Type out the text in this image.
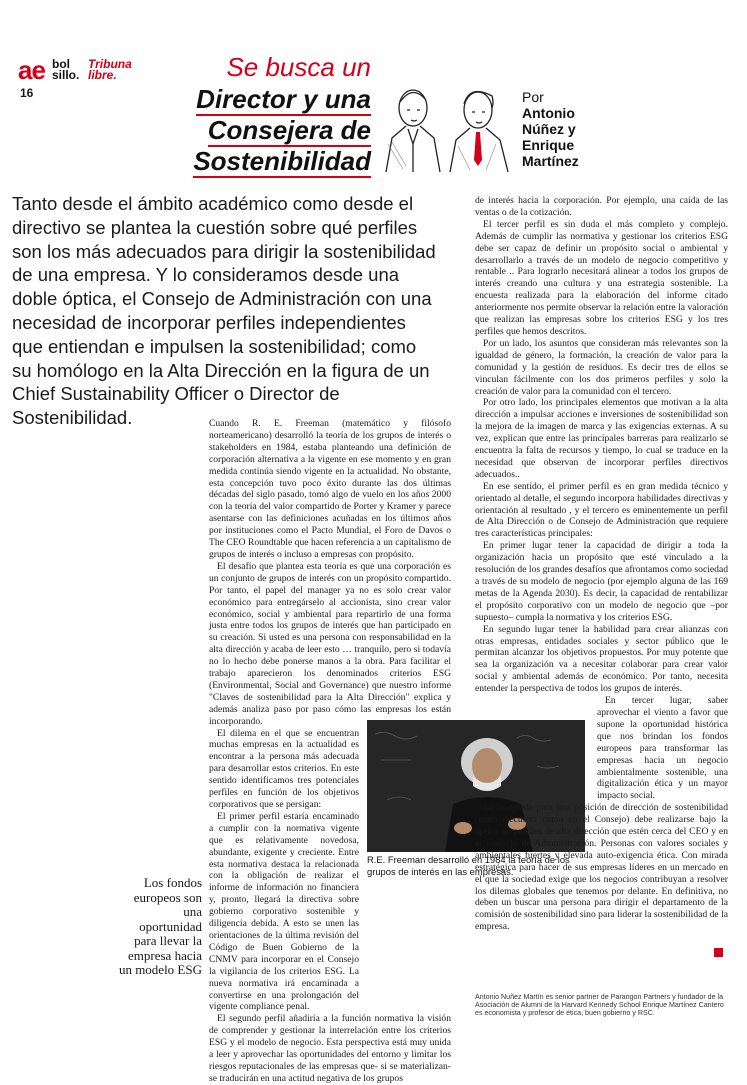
ae bol sillo.
Tribuna libre.
16
Se busca un
Director y una
Consejera de
Sostenibilidad
Por
Antonio
Núñez y
Enrique
Martínez
Tanto desde el ámbito académico como desde el directivo se plantea la cuestión sobre qué perfiles son los más adecuados para dirigir la sostenibilidad de una empresa. Y lo consideramos desde una doble óptica, el Consejo de Administración con una necesidad de incorporar perfiles independientes que entiendan e impulsen la sostenibilidad; como su homólogo en la Alta Dirección en la figura de un Chief Sustainability Officer o Director de Sostenibilidad.	Cuando R. E. Freeman (matemático y filósofo norteamericano) desarrolló la teoría de los grupos de interés o stakeholders en 1984, estaba planteando una definición de corporación alternativa a la vigente en ese momento y en gran medida continúa siendo vigente en la actualidad. No obstante, esta concepción tuvo poco éxito durante las dos últimas décadas del siglo pasado, tomó algo de vuelo en los años 2000 con la teoría del valor compartido de Porter y Kramer y parece asentarse con las definiciones acuñadas en los últimos años por instituciones como el Pacto Mundial, el Foro de Davos o The CEO Roundtable que hacen referencia a un capitalismo de grupos de interés o incluso a empresas con propósito.

El desafío que plantea esta teoría es que una corporación es un conjunto de grupos de interés con un propósito compartido. Por tanto, el papel del manager ya no es solo crear valor económico para entregárselo al accionista, sino crear valor económico, social y ambiental para repartirlo de una forma justa entre todos los grupos de interés que han participado en su creación. Si usted es una persona con responsabilidad en la alta dirección y acaba de leer esto … tranquilo, pero si todavía no lo hecho debe ponerse manos a la obra. Para facilitar el trabajo aparecieron los denominados criterios ESG (Environmental, Social and Governance) que nuestro informe "Claves de sostenibilidad para la Alta Dirección" explica y además analiza paso por paso cómo las empresas los están incorporando.

El dilema en el que se encuentran muchas empresas en la actualidad es encontrar a la persona más adecuada para desarrollar estos criterios. En este sentido identificamos tres potenciales perfiles en función de los objetivos corporativos que se persigan:

El primer perfil estaría encaminado a cumplir con la normativa vigente que es relativamente novedosa, abundante, exigente y creciente. Entre esta normativa destaca la relacionada con la obligación de realizar el informe de información no financiera y, pronto, llegará la directiva sobre gobierno corporativo sostenible y diligencia debida. A esto se unen las orientaciones de la última revisión del Código de Buen Gobierno de la CNMV para incorporar en el Consejo la vigilancia de los criterios ESG. La nueva normativa irá encaminada a convertirse en una prolongación del vigente compliance penal.

El segundo perfil añadiría a la función normativa la visión de comprender y gestionar la interrelación entre los criterios ESG y el modelo de negocio. Esta perspectiva está muy unida a leer y aprovechar las oportunidades del entorno y limitar los riesgos reputacionales de las empresas que- si se materializan- se traducirán en una actitud negativa de los grupos

R.E. Freeman desarrolló en 1984 la teoría de los grupos de interés en las empresas.
Los fondos europeos son una oportunidad para llevar la empresa hacia un modelo ESG

de interés hacia la corporación. Por ejemplo, una caída de las ventas o de la cotización.

El tercer perfil es sin duda el más completo y complejo. Además de cumplir las normativa y gestionar los criterios ESG debe ser capaz de definir un propósito social o ambiental y desarrollarlo a través de un modelo de negocio competitivo y rentable .. Para lograrlo necesitará alinear a todos los grupos de interés creando una cultura y una estrategia sostenible. La encuesta realizada para la elaboración del informe citado anteriormente nos permite observar la relación entre la valoración que realizan las empresas sobre los criterios ESG y los tres perfiles que hemos descritos.

Por un lado, los asuntos que consideran más relevantes son la igualdad de género, la formación, la creación de valor para la comunidad y la gestión de residuos. Es decir tres de ellos se vinculan fácilmente con los dos primeros perfiles y solo la creación de valor para la comunidad con el tercero.

Por otro lado, los principales elementos que motivan a la alta dirección a impulsar acciones e inversiones de sostenibilidad son la mejora de la imagen de marca y las exigencias externas. A su vez, explican que entre las principales barreras para realizarlo se encuentra la falta de recursos y tiempo, lo cual se traduce en la necesidad que observan de incorporar perfiles directivos adecuados..

En ese sentido, el primer perfil es en gran medida técnico y orientado al detalle, el segundo incorpora habilidades directivas y orientación al resultado , y el tercero es eminentemente un perfil de Alta Dirección o de Consejo de Administración que requiere tres características principales:

En primer lugar tener la capacidad de dirigir a toda la organización hacia un propósito que esté vinculado a la resolución de los grandes desafíos que afrontamos como sociedad a través de su modelo de negocio (por ejemplo alguna de las 169 metas de la Agenda 2030). Es decir, la capacidad de rentabilizar el propósito corporativo con un modelo de negocio que –por supuesto– cumpla la normativa y los criterios ESG.

En segundo lugar tener la habilidad para crear alianzas con otras empresas, entidades sociales y sector público que le permitan alcanzar los objetivos propuestos. Por muy potente que sea la organización va a necesitar colaborar para crear valor social y ambiental además de económico. Por tanto, necesita entender la perspectiva de todos los grupos de interés.

En tercer lugar, saber aprovechar el viento a favor que supone la oportunidad histórica que nos brindan los fondos europeos para transformar las empresas hacia un negocio ambientalmente sostenible, una digitalización ética y un mayor impacto social.

La búsqueda para una posición de dirección de sostenibilidad (tanto ejecutiva como en el Consejo) debe realizarse bajo la óptica de perfiles de alta dirección que estén cerca del CEO y en el Consejo de Administración. Personas con valores sociales y ambientales fuertes y elevada auto-exigencia ética. Con mirada estratégica para hacer de sus empresas líderes en un mercado en el que la sociedad exige que los negocios contribuyan a resolver los dilemas globales que tenemos por delante. En definitiva, no deben un buscar una persona para dirigir el departamento de la comisión de sostenibilidad sino para liderar la sostenibilidad de la empresa.

Antonio Nuñez Martín es senior partner de Parangon Partners y fundador de la Asociación de Alumni de la Harvard Kennedy School Enrique Martínez Cantero es economista y profesor de ética, buen gobierno y RSC.
